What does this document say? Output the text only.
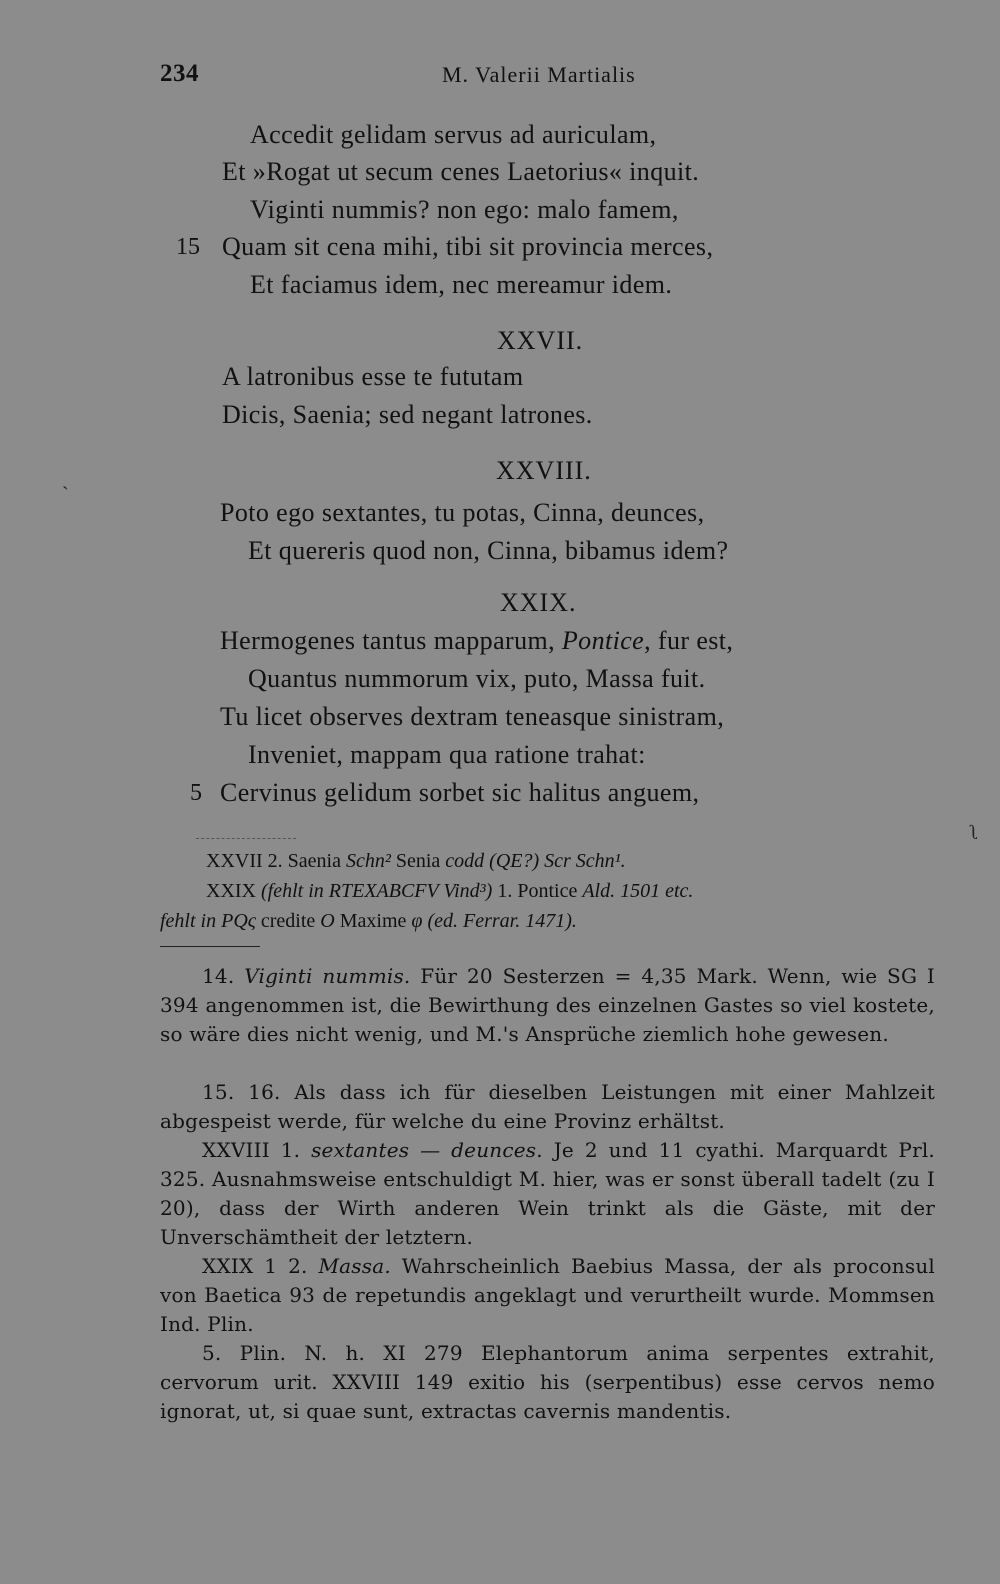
234	M. Valerii Martialis
Accedit gelidam servus ad auriculam,
Et »Rogat ut secum cenes Laetorius« inquit.
Viginti nummis? non ego: malo famem,
15 Quam sit cena mihi, tibi sit provincia merces,
Et faciamus idem, nec mereamur idem.
XXVII.
A latronibus esse te fututam
Dicis, Saenia; sed negant latrones.
ˏ	XXVIII.
Poto ego sextantes, tu potas, Cinna, deunces,
Et quereris quod non, Cinna, bibamus idem?
XXIX.
Hermogenes tantus mapparum, Pontice, fur est,
Quantus nummorum vix, puto, Massa fuit.
Tu licet observes dextram teneasque sinistram,
Inveniet, mappam qua ratione trahat:
5 Cervinus gelidum sorbet sic halitus anguem,
ʅ
XXVII 2. Saenia Schn² Senia codd (QE?) Scr Schn¹.
XXIX (fehlt in RTEXABCFV Vind³) 1. Pontice Ald. 1501 etc.
fehlt in PQς credite O Maxime φ (ed. Ferrar. 1471).
14. Viginti nummis. Für 20 Sesterzen = 4,35 Mark. Wenn, wie SG I 394 angenommen ist, die Bewirthung des einzelnen Gastes so viel kostete, so wäre dies nicht wenig, und M.'s Ansprüche ziemlich hohe gewesen.
15. 16. Als dass ich für dieselben Leistungen mit einer Mahlzeit abgespeist werde, für welche du eine Provinz erhältst.
XXVIII 1. sextantes — deunces. Je 2 und 11 cyathi. Marquardt Prl. 325. Ausnahmsweise entschuldigt M. hier, was er sonst überall tadelt (zu I 20), dass der Wirth anderen Wein trinkt als die Gäste, mit der Unverschämtheit der letztern.
XXIX 1 2. Massa. Wahrscheinlich Baebius Massa, der als proconsul von Baetica 93 de repetundis angeklagt und verurtheilt wurde. Mommsen Ind. Plin.
5. Plin. N. h. XI 279 Elephantorum anima serpentes extrahit, cervorum urit. XXVIII 149 exitio his (serpentibus) esse cervos nemo ignorat, ut, si quae sunt, extractas cavernis mandentis.
